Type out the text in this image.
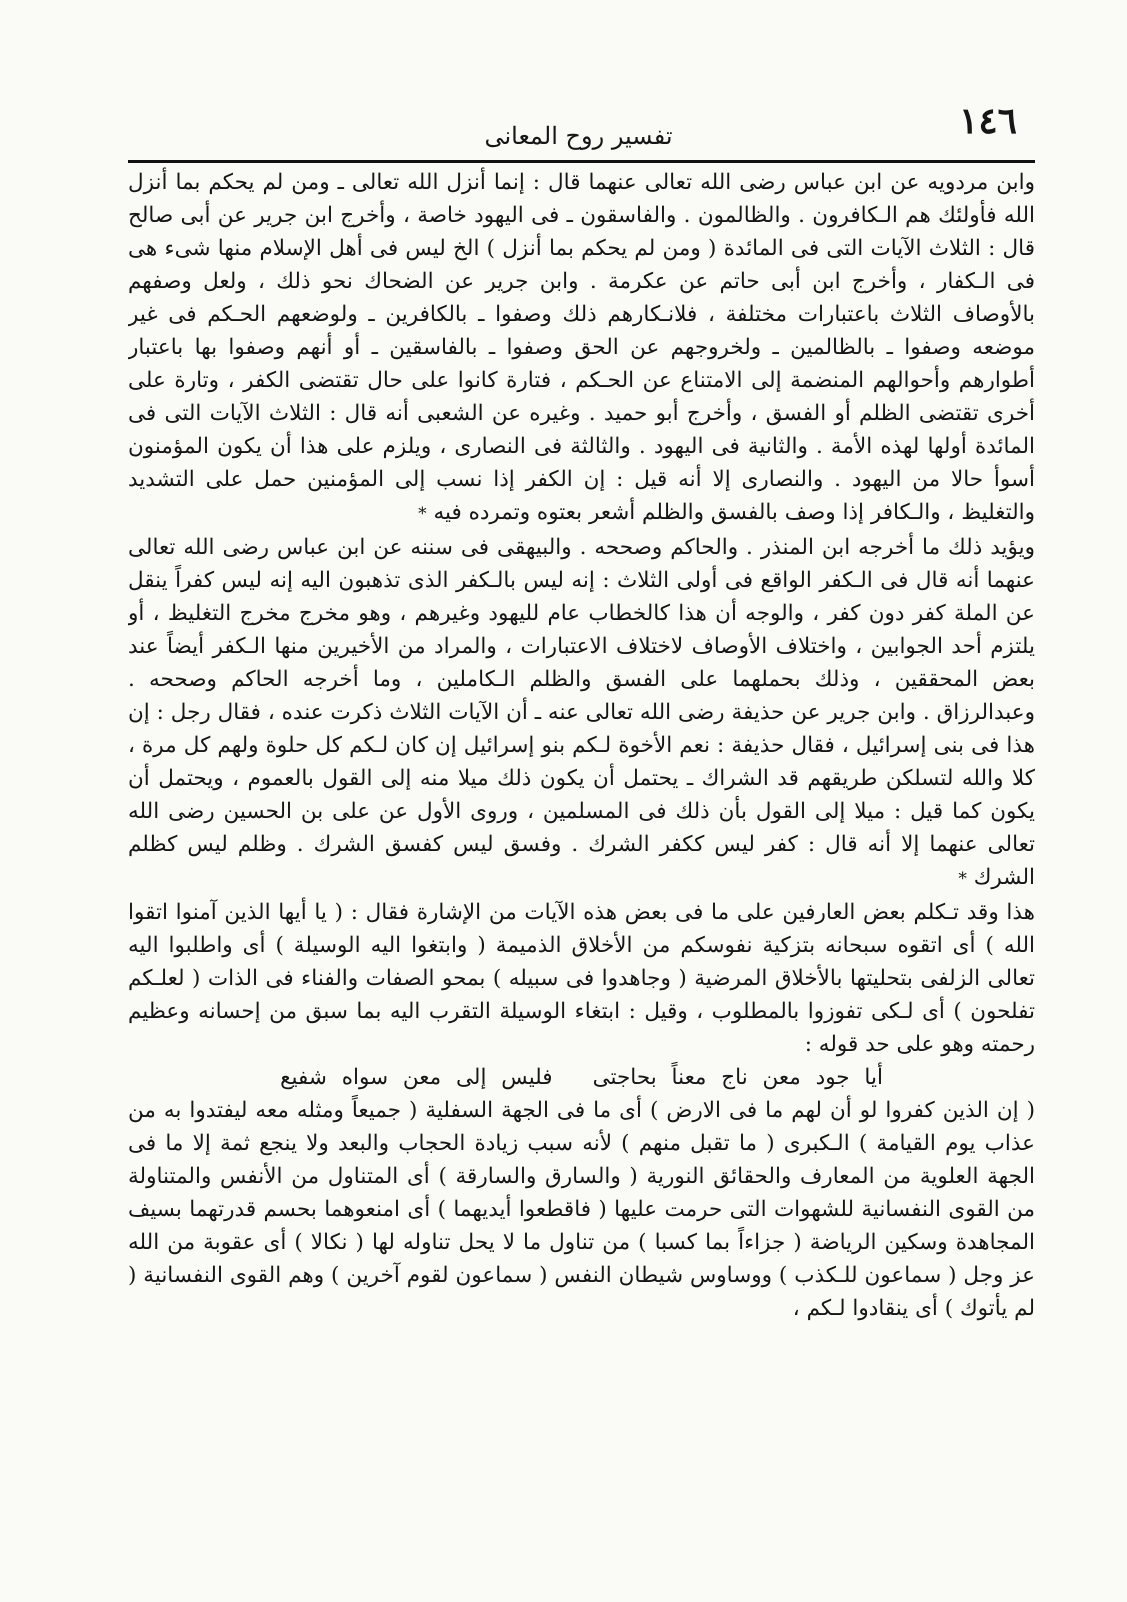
١٤٦
تفسير روح المعانى

وابن مردويه عن ابن عباس رضى الله تعالى عنهما قال : إنما أنزل الله تعالى ـ ومن لم يحكم بما أنزل الله فأولئك هم الـكافرون . والظالمون . والفاسقون ـ فى اليهود خاصة ، وأخرج ابن جرير عن أبى صالح قال : الثلاث الآيات التى فى المائدة ( ومن لم يحكم بما أنزل ) الخ ليس فى أهل الإسلام منها شىء هى فى الـكفار ، وأخرج ابن أبى حاتم عن عكرمة . وابن جرير عن الضحاك نحو ذلك ، ولعل وصفهم بالأوصاف الثلاث باعتبارات مختلفة ، فلانـكارهم ذلك وصفوا ـ بالكافرين ـ ولوضعهم الحـكم فى غير موضعه وصفوا ـ بالظالمين ـ ولخروجهم عن الحق وصفوا ـ بالفاسقين ـ أو أنهم وصفوا بها باعتبار أطوارهم وأحوالهم المنضمة إلى الامتناع عن الحـكم ، فتارة كانوا على حال تقتضى الكفر ، وتارة على أخرى تقتضى الظلم أو الفسق ، وأخرج أبو حميد . وغيره عن الشعبى أنه قال : الثلاث الآيات التى فى المائدة أولها لهذه الأمة . والثانية فى اليهود . والثالثة فى النصارى ، ويلزم على هذا أن يكون المؤمنون أسوأ حالا من اليهود . والنصارى إلا أنه قيل : إن الكفر إذا نسب إلى المؤمنين حمل على التشديد والتغليظ ، والـكافر إذا وصف بالفسق والظلم أشعر بعتوه وتمرده فيه *

ويؤيد ذلك ما أخرجه ابن المنذر . والحاكم وصححه . والبيهقى فى سننه عن ابن عباس رضى الله تعالى عنهما أنه قال فى الـكفر الواقع فى أولى الثلاث : إنه ليس بالـكفر الذى تذهبون اليه إنه ليس كفراً ينقل عن الملة كفر دون كفر ، والوجه أن هذا كالخطاب عام لليهود وغيرهم ، وهو مخرج مخرج التغليظ ، أو يلتزم أحد الجوابين ، واختلاف الأوصاف لاختلاف الاعتبارات ، والمراد من الأخيرين منها الـكفر أيضاً عند بعض المحققين ، وذلك بحملهما على الفسق والظلم الـكاملين ، وما أخرجه الحاكم وصححه . وعبدالرزاق . وابن جرير عن حذيفة رضى الله تعالى عنه ـ أن الآيات الثلاث ذكرت عنده ، فقال رجل : إن هذا فى بنى إسرائيل ، فقال حذيفة : نعم الأخوة لـكم بنو إسرائيل إن كان لـكم كل حلوة ولهم كل مرة ، كلا والله لتسلكن طريقهم قد الشراك ـ يحتمل أن يكون ذلك ميلا منه إلى القول بالعموم ، ويحتمل أن يكون كما قيل : ميلا إلى القول بأن ذلك فى المسلمين ، وروى الأول عن على بن الحسين رضى الله تعالى عنهما إلا أنه قال : كفر ليس ككفر الشرك . وفسق ليس كفسق الشرك . وظلم ليس كظلم الشرك *

هذا وقد تـكلم بعض العارفين على ما فى بعض هذه الآيات من الإشارة فقال : ( يا أيها الذين آمنوا اتقوا الله ) أى اتقوه سبحانه بتزكية نفوسكم من الأخلاق الذميمة ( وابتغوا اليه الوسيلة ) أى واطلبوا اليه تعالى الزلفى بتحليتها بالأخلاق المرضية ( وجاهدوا فى سبيله ) بمحو الصفات والفناء فى الذات ( لعلـكم تفلحون ) أى لـكى تفوزوا بالمطلوب ، وقيل : ابتغاء الوسيلة التقرب اليه بما سبق من إحسانه وعظيم رحمته وهو على حد قوله :

أيا جود معن ناج معناً بحاجتىفليس إلى معن سواه شفيع

( إن الذين كفروا لو أن لهم ما فى الارض ) أى ما فى الجهة السفلية ( جميعاً ومثله معه ليفتدوا به من عذاب يوم القيامة ) الـكبرى ( ما تقبل منهم ) لأنه سبب زيادة الحجاب والبعد ولا ينجع ثمة إلا ما فى الجهة العلوية من المعارف والحقائق النورية ( والسارق والسارقة ) أى المتناول من الأنفس والمتناولة من القوى النفسانية للشهوات التى حرمت عليها ( فاقطعوا أيديهما ) أى امنعوهما بحسم قدرتهما بسيف المجاهدة وسكين الرياضة ( جزاءاً بما كسبا ) من تناول ما لا يحل تناوله لها ( نكالا ) أى عقوبة من الله عز وجل ( سماعون للـكذب ) ووساوس شيطان النفس ( سماعون لقوم آخرين ) وهم القوى النفسانية ( لم يأتوك ) أى ينقادوا لـكم ،
